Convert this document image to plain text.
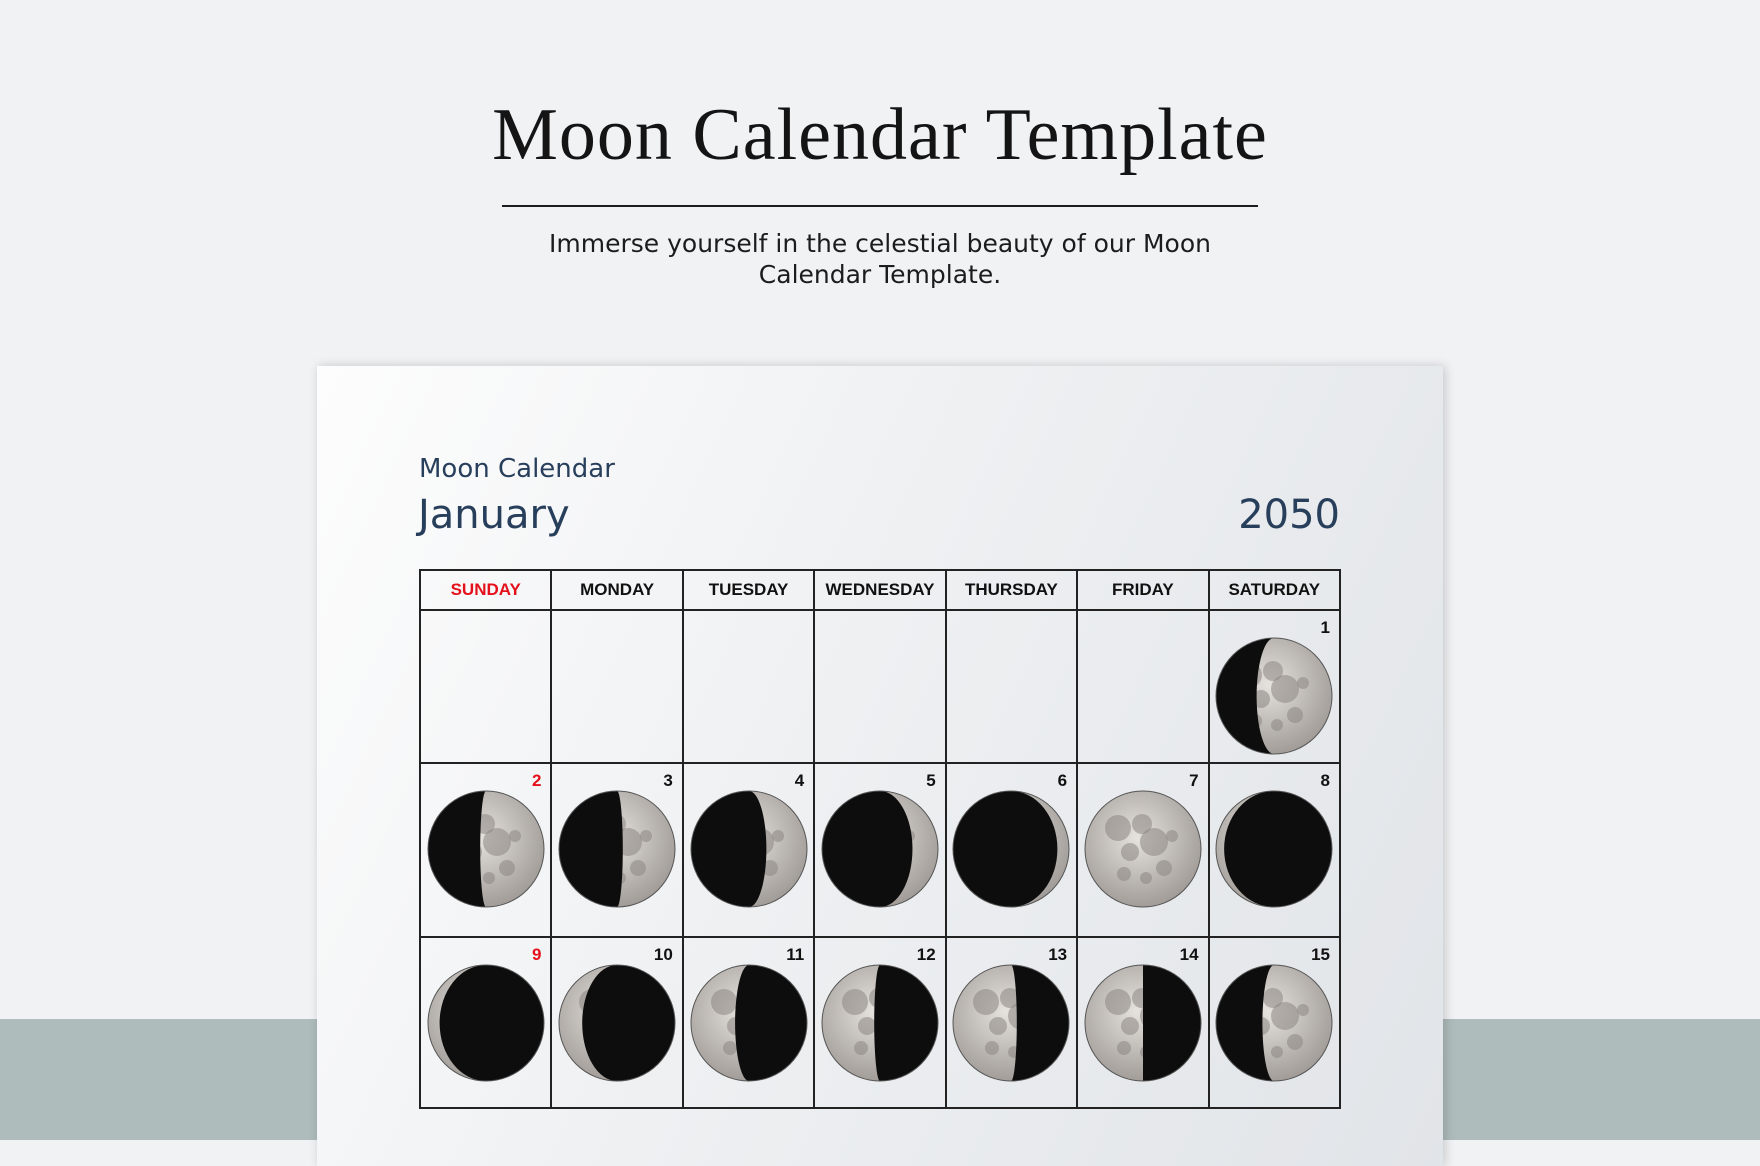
Moon Calendar Template
Immerse yourself in the celestial beauty of our Moon Calendar Template.
Moon Calendar
January	2050
SUNDAY	MONDAY	TUESDAY	WEDNESDAY	THURSDAY	FRIDAY	SATURDAY

						1

2	3	4	5	6	7	8

9	10	11	12	13	14	15
